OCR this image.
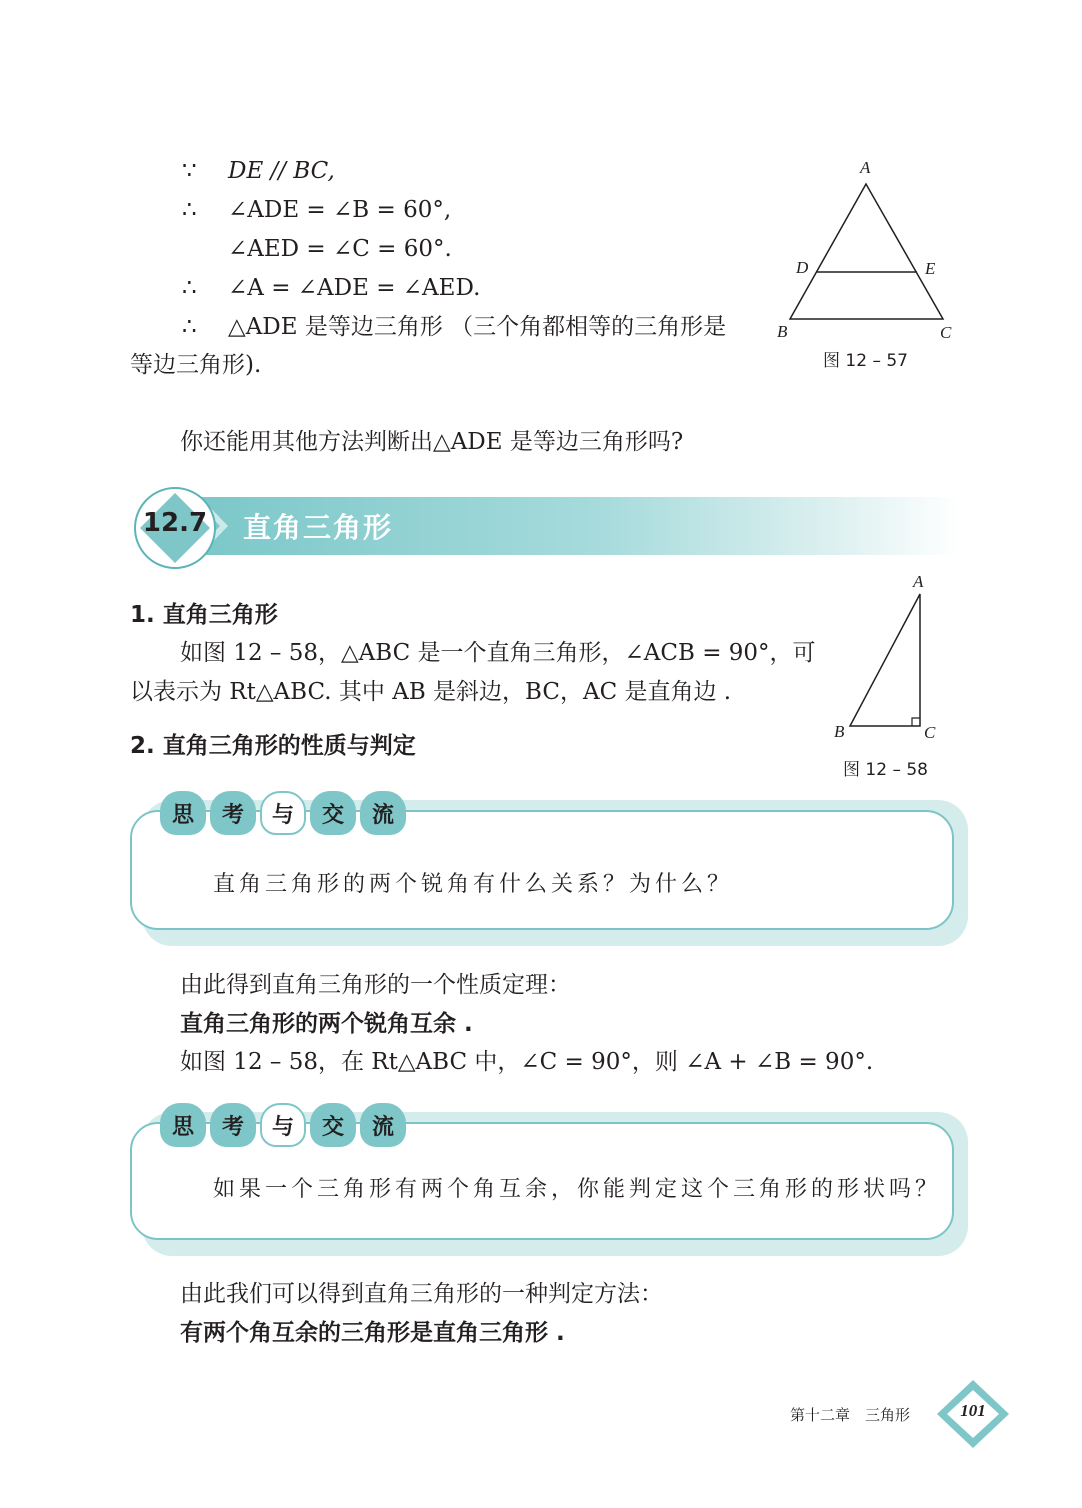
∵ DE // BC,
∴ ∠ADE = ∠B = 60°,
∠AED = ∠C = 60°.
∴ ∠A = ∠ADE = ∠AED.
∴ △ADE 是等边三角形 （三个角都相等的三角形是
等边三角形).
你还能用其他方法判断出△ADE 是等边三角形吗?
A
D	E
B	C
图 12 – 57
12.7 直角三角形
1. 直角三角形
如图 12 – 58，△ABC 是一个直角三角形，∠ACB = 90°，可
以表示为 Rt△ABC. 其中 AB 是斜边，BC，AC 是直角边 .
2. 直角三角形的性质与判定
A
B	C
图 12 – 58
思	考	与	交	流
直角三角形的两个锐角有什么关系？为什么？
由此得到直角三角形的一个性质定理：
直角三角形的两个锐角互余 .
如图 12 – 58，在 Rt△ABC 中，∠C = 90°，则 ∠A + ∠B = 90°.
思	考	与	交	流
如果一个三角形有两个角互余，你能判定这个三角形的形状吗？
由此我们可以得到直角三角形的一种判定方法：
有两个角互余的三角形是直角三角形 .
第十二章　三角形	101
